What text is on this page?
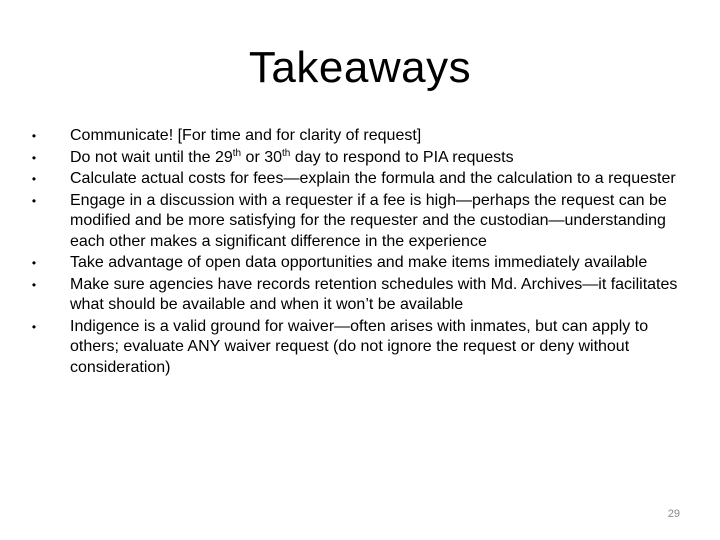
Takeaways
• Communicate! [For time and for clarity of request]
• Do not wait until the 29th or 30th day to respond to PIA requests
• Calculate actual costs for fees—explain the formula and the calculation to a requester
• Engage in a discussion with a requester if a fee is high—perhaps the request can be modified and be more satisfying for the requester and the custodian—understanding each other makes a significant difference in the experience
• Take advantage of open data opportunities and make items immediately available
• Make sure agencies have records retention schedules with Md. Archives—it facilitates what should be available and when it won’t be available
• Indigence is a valid ground for waiver—often arises with inmates, but can apply to others; evaluate ANY waiver request (do not ignore the request or deny without consideration)
29
